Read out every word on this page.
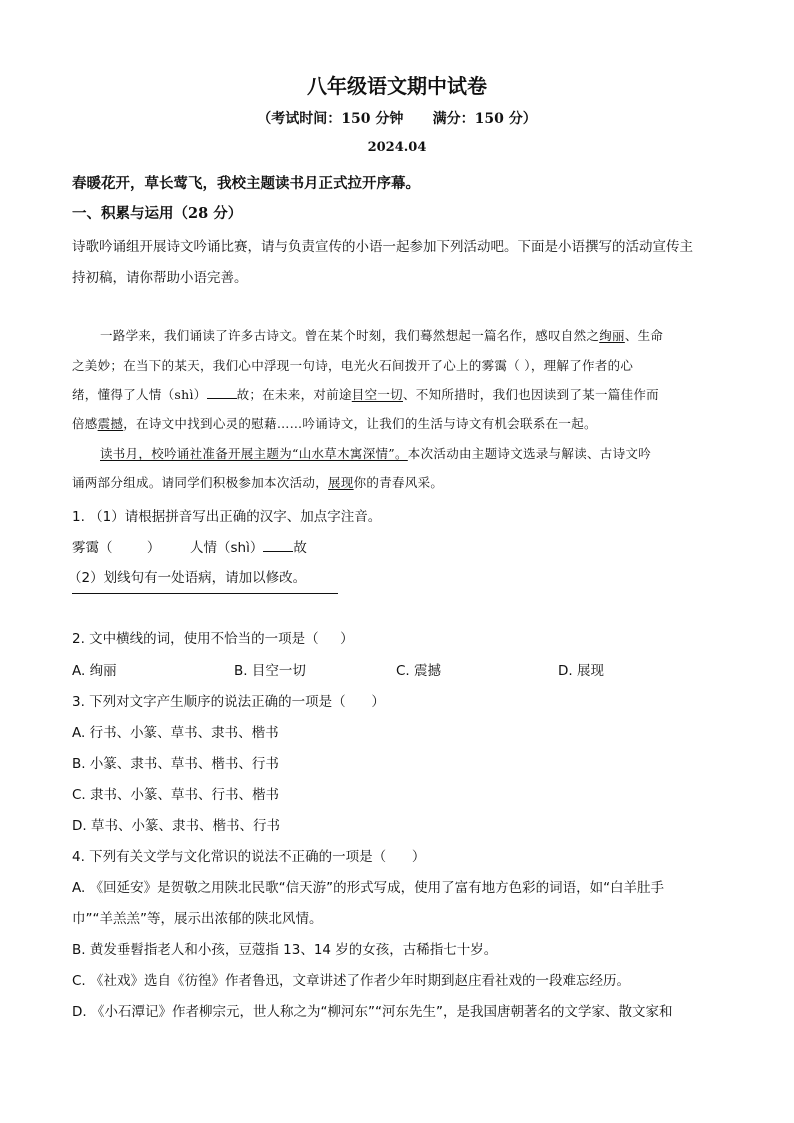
八年级语文期中试卷
（考试时间：150 分钟      满分：150 分）
2024.04
春暖花开，草长莺飞，我校主题读书月正式拉开序幕。
一、积累与运用（28 分）
诗歌吟诵组开展诗文吟诵比赛，请与负责宣传的小语一起参加下列活动吧。下面是小语撰写的活动宣传主
持初稿，请你帮助小语完善。
一路学来，我们诵读了许多古诗文。曾在某个时刻，我们蓦然想起一篇名作，感叹自然之绚丽、生命
之美妙；在当下的某天，我们心中浮现一句诗，电光火石间拨开了心上的雾霭（ ），理解了作者的心
绪，懂得了人情（shì） 故；在未来，对前途目空一切、不知所措时，我们也因读到了某一篇佳作而
倍感震撼，在诗文中找到心灵的慰藉……吟诵诗文，让我们的生活与诗文有机会联系在一起。
读书月，校吟诵社准备开展主题为“山水草木寓深情”。本次活动由主题诗文选录与解读、古诗文吟
诵两部分组成。请同学们积极参加本次活动，展现你的青春风采。
1. （1）请根据拼音写出正确的汉字、加点字注音。
雾霭（        ） 人情（shì） 故
（2）划线句有一处语病，请加以修改。
2. 文中横线的词，使用不恰当的一项是（     ）
A. 绚丽	B. 目空一切	C. 震撼	D. 展现
3. 下列对文字产生顺序的说法正确的一项是（      ）
A. 行书、小篆、草书、隶书、楷书
B. 小篆、隶书、草书、楷书、行书
C. 隶书、小篆、草书、行书、楷书
D. 草书、小篆、隶书、楷书、行书
4. 下列有关文学与文化常识的说法不正确的一项是（      ）
A. 《回延安》是贺敬之用陕北民歌“信天游”的形式写成，使用了富有地方色彩的词语，如“白羊肚手
巾”“羊羔羔”等，展示出浓郁的陕北风情。
B. 黄发垂髫指老人和小孩，豆蔻指 13、14 岁的女孩，古稀指七十岁。
C. 《社戏》选自《彷徨》作者鲁迅，文章讲述了作者少年时期到赵庄看社戏的一段难忘经历。
D. 《小石潭记》作者柳宗元，世人称之为“柳河东”“河东先生”，是我国唐朝著名的文学家、散文家和
